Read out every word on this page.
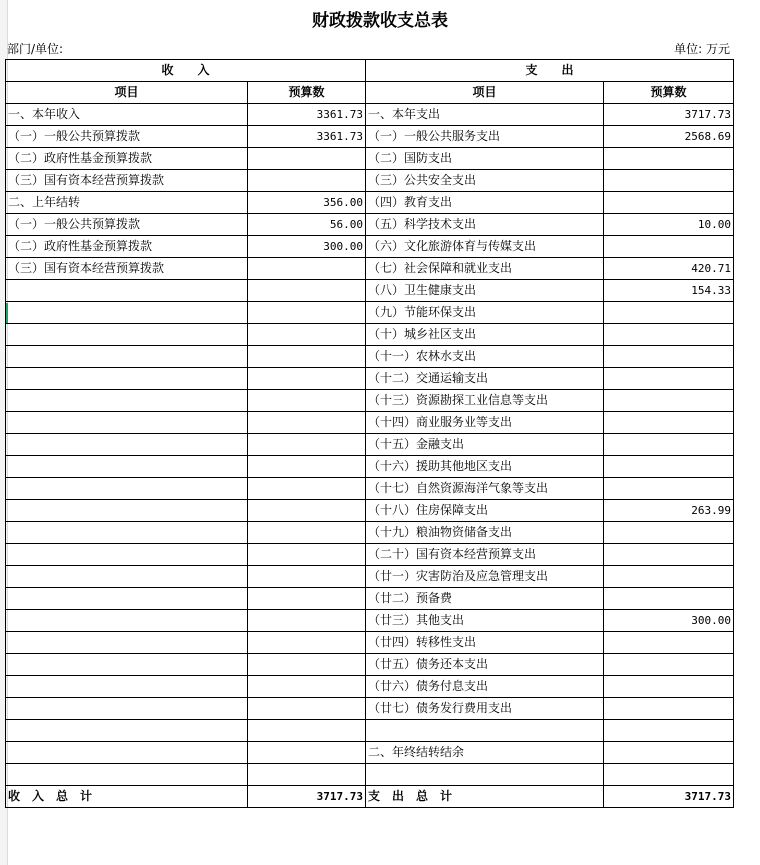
财政拨款收支总表
部门/单位:	单位: 万元
收　　入		支　　出	
项目	预算数	项目	预算数
一、本年收入	3361.73	一、本年支出	3717.73
（一）一般公共预算拨款	3361.73	（一）一般公共服务支出	2568.69
（二）政府性基金预算拨款		（二）国防支出	
（三）国有资本经营预算拨款		（三）公共安全支出	
二、上年结转	356.00	（四）教育支出	
（一）一般公共预算拨款	56.00	（五）科学技术支出	10.00
（二）政府性基金预算拨款	300.00	（六）文化旅游体育与传媒支出	
（三）国有资本经营预算拨款		（七）社会保障和就业支出	420.71
		（八）卫生健康支出	154.33
		（九）节能环保支出	
		（十）城乡社区支出	
		（十一）农林水支出	
		（十二）交通运输支出	
		（十三）资源勘探工业信息等支出	
		（十四）商业服务业等支出	
		（十五）金融支出	
		（十六）援助其他地区支出	
		（十七）自然资源海洋气象等支出	
		（十八）住房保障支出	263.99
		（十九）粮油物资储备支出	
		（二十）国有资本经营预算支出	
		（廿一）灾害防治及应急管理支出	
		（廿二）预备费	
		（廿三）其他支出	300.00
		（廿四）转移性支出	
		（廿五）债务还本支出	
		（廿六）债务付息支出	
		（廿七）债务发行费用支出	

		二、年终结转结余	

收　入　总　计	3717.73	支　出　总　计	3717.73
